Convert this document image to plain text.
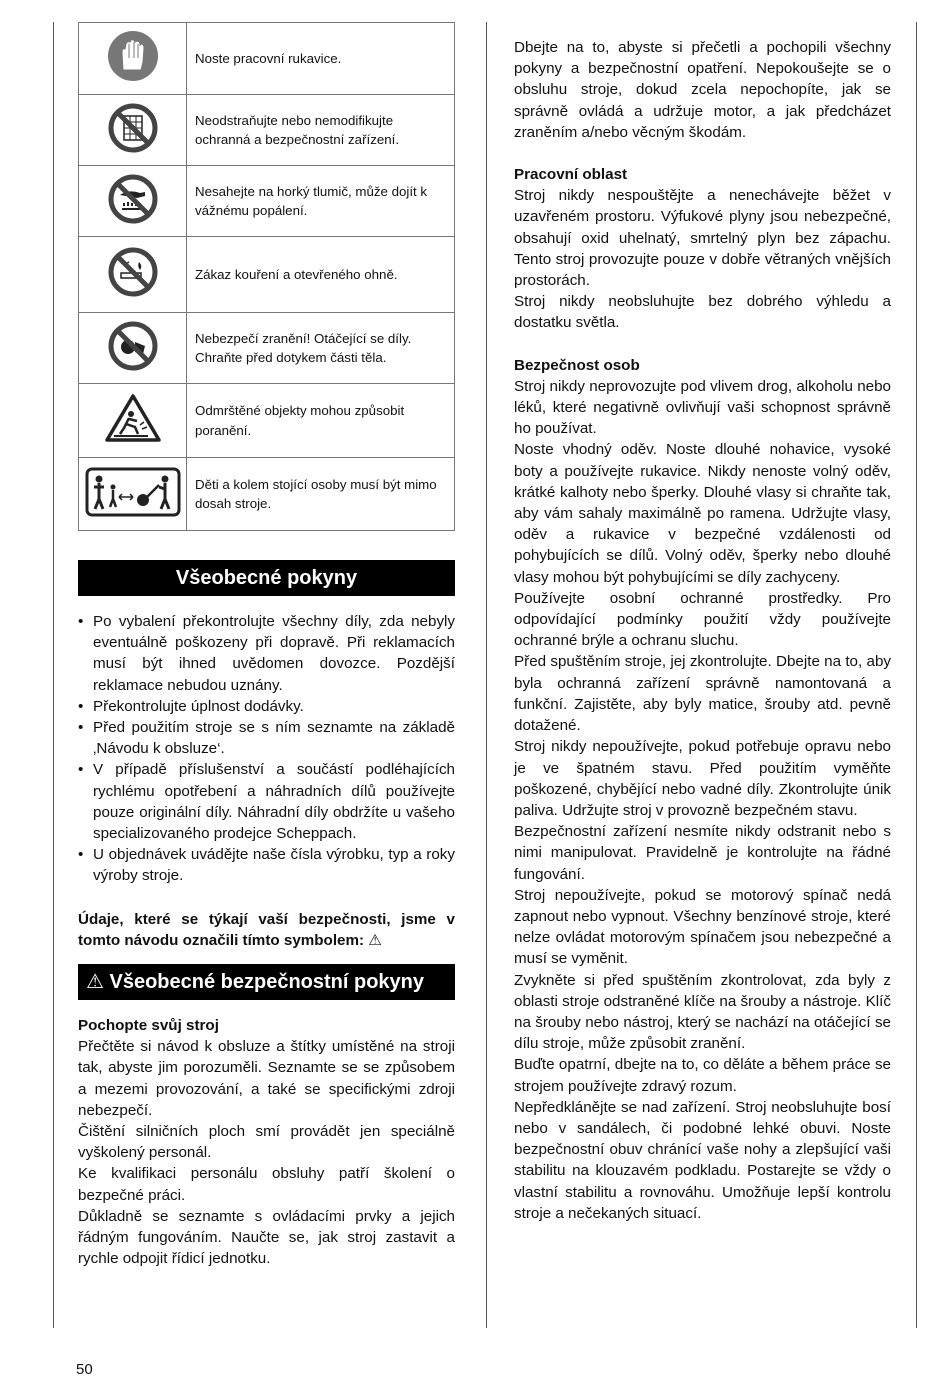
	Noste pracovní rukavice.
	Neodstraňujte nebo nemodifikujte ochranná a bezpečnostní zařízení.
	Nesahejte na horký tlumič, může dojít k vážnému popálení.
	Zákaz kouření a otevřeného ohně.
	Nebezpečí zranění! Otáčející se díly. Chraňte před dotykem části těla.
	Odmrštěné objekty mohou způsobit poranění.
	Děti a kolem stojící osoby musí být mimo dosah stroje.
Všeobecné pokyny
• Po vybalení překontrolujte všechny díly, zda nebyly eventuálně poškozeny při dopravě. Při reklamacích musí být ihned uvědomen dovozce. Pozdější reklamace nebudou uznány.
• Překontrolujte úplnost dodávky.
• Před použitím stroje se s ním seznamte na základě ‚Návodu k obsluze‘.
• V případě příslušenství a součástí podléhajících rychlému opotřebení a náhradních dílů používejte pouze originální díly. Náhradní díly obdržíte u vašeho specializovaného prodejce Scheppach.
• U objednávek uvádějte naše čísla výrobku, typ a roky výroby stroje.

Údaje, které se týkají vaší bezpečnosti, jsme v tomto návodu označili tímto symbolem: ⚠

⚠ Všeobecné bezpečnostní pokyny

Pochopte svůj stroj

Přečtěte si návod k obsluze a štítky umístěné na stroji tak, abyste jim porozuměli. Seznamte se se způsobem a mezemi provozování, a také se specifickými zdroji nebezpečí.

Čištění silničních ploch smí provádět jen speciálně vyškolený personál.

Ke kvalifikaci personálu obsluhy patří školení o bezpečné práci.

Důkladně se seznamte s ovládacími prvky a jejich řádným fungováním. Naučte se, jak stroj zastavit a rychle odpojit řídicí jednotku.

Dbejte na to, abyste si přečetli a pochopili všechny pokyny a bezpečnostní opatření. Nepokoušejte se o obsluhu stroje, dokud zcela nepochopíte, jak se správně ovládá a udržuje motor, a jak předcházet zraněním a/nebo věcným škodám.

Pracovní oblast

Stroj nikdy nespouštějte a nenechávejte běžet v uzavřeném prostoru. Výfukové plyny jsou nebezpečné, obsahují oxid uhelnatý, smrtelný plyn bez zápachu. Tento stroj provozujte pouze v dobře větraných vnějších prostorách.

Stroj nikdy neobsluhujte bez dobrého výhledu a dostatku světla.

Bezpečnost osob

Stroj nikdy neprovozujte pod vlivem drog, alkoholu nebo léků, které negativně ovlivňují vaši schopnost správně ho používat.

Noste vhodný oděv. Noste dlouhé nohavice, vysoké boty a používejte rukavice. Nikdy nenoste volný oděv, krátké kalhoty nebo šperky. Dlouhé vlasy si chraňte tak, aby vám sahaly maximálně po ramena. Udržujte vlasy, oděv a rukavice v bezpečné vzdálenosti od pohybujících se dílů. Volný oděv, šperky nebo dlouhé vlasy mohou být pohybujícími se díly zachyceny.

Používejte osobní ochranné prostředky. Pro odpovídající podmínky použití vždy používejte ochranné brýle a ochranu sluchu.

Před spuštěním stroje, jej zkontrolujte. Dbejte na to, aby byla ochranná zařízení správně namontovaná a funkční. Zajistěte, aby byly matice, šrouby atd. pevně dotažené.

Stroj nikdy nepoužívejte, pokud potřebuje opravu nebo je ve špatném stavu. Před použitím vyměňte poškozené, chybějící nebo vadné díly. Zkontrolujte únik paliva. Udržujte stroj v provozně bezpečném stavu.

Bezpečnostní zařízení nesmíte nikdy odstranit nebo s nimi manipulovat. Pravidelně je kontrolujte na řádné fungování.

Stroj nepoužívejte, pokud se motorový spínač nedá zapnout nebo vypnout. Všechny benzínové stroje, které nelze ovládat motorovým spínačem jsou nebezpečné a musí se vyměnit.

Zvykněte si před spuštěním zkontrolovat, zda byly z oblasti stroje odstraněné klíče na šrouby a nástroje. Klíč na šrouby nebo nástroj, který se nachází na otáčející se dílu stroje, může způsobit zranění.

Buďte opatrní, dbejte na to, co děláte a během práce se strojem používejte zdravý rozum.

Nepředklánějte se nad zařízení. Stroj neobsluhujte bosí nebo v sandálech, či podobné lehké obuvi. Noste bezpečnostní obuv chránící vaše nohy a zlepšující vaši stabilitu na klouzavém podkladu. Postarejte se vždy o vlastní stabilitu a rovnováhu. Umožňuje lepší kontrolu stroje a nečekaných situací.

50
